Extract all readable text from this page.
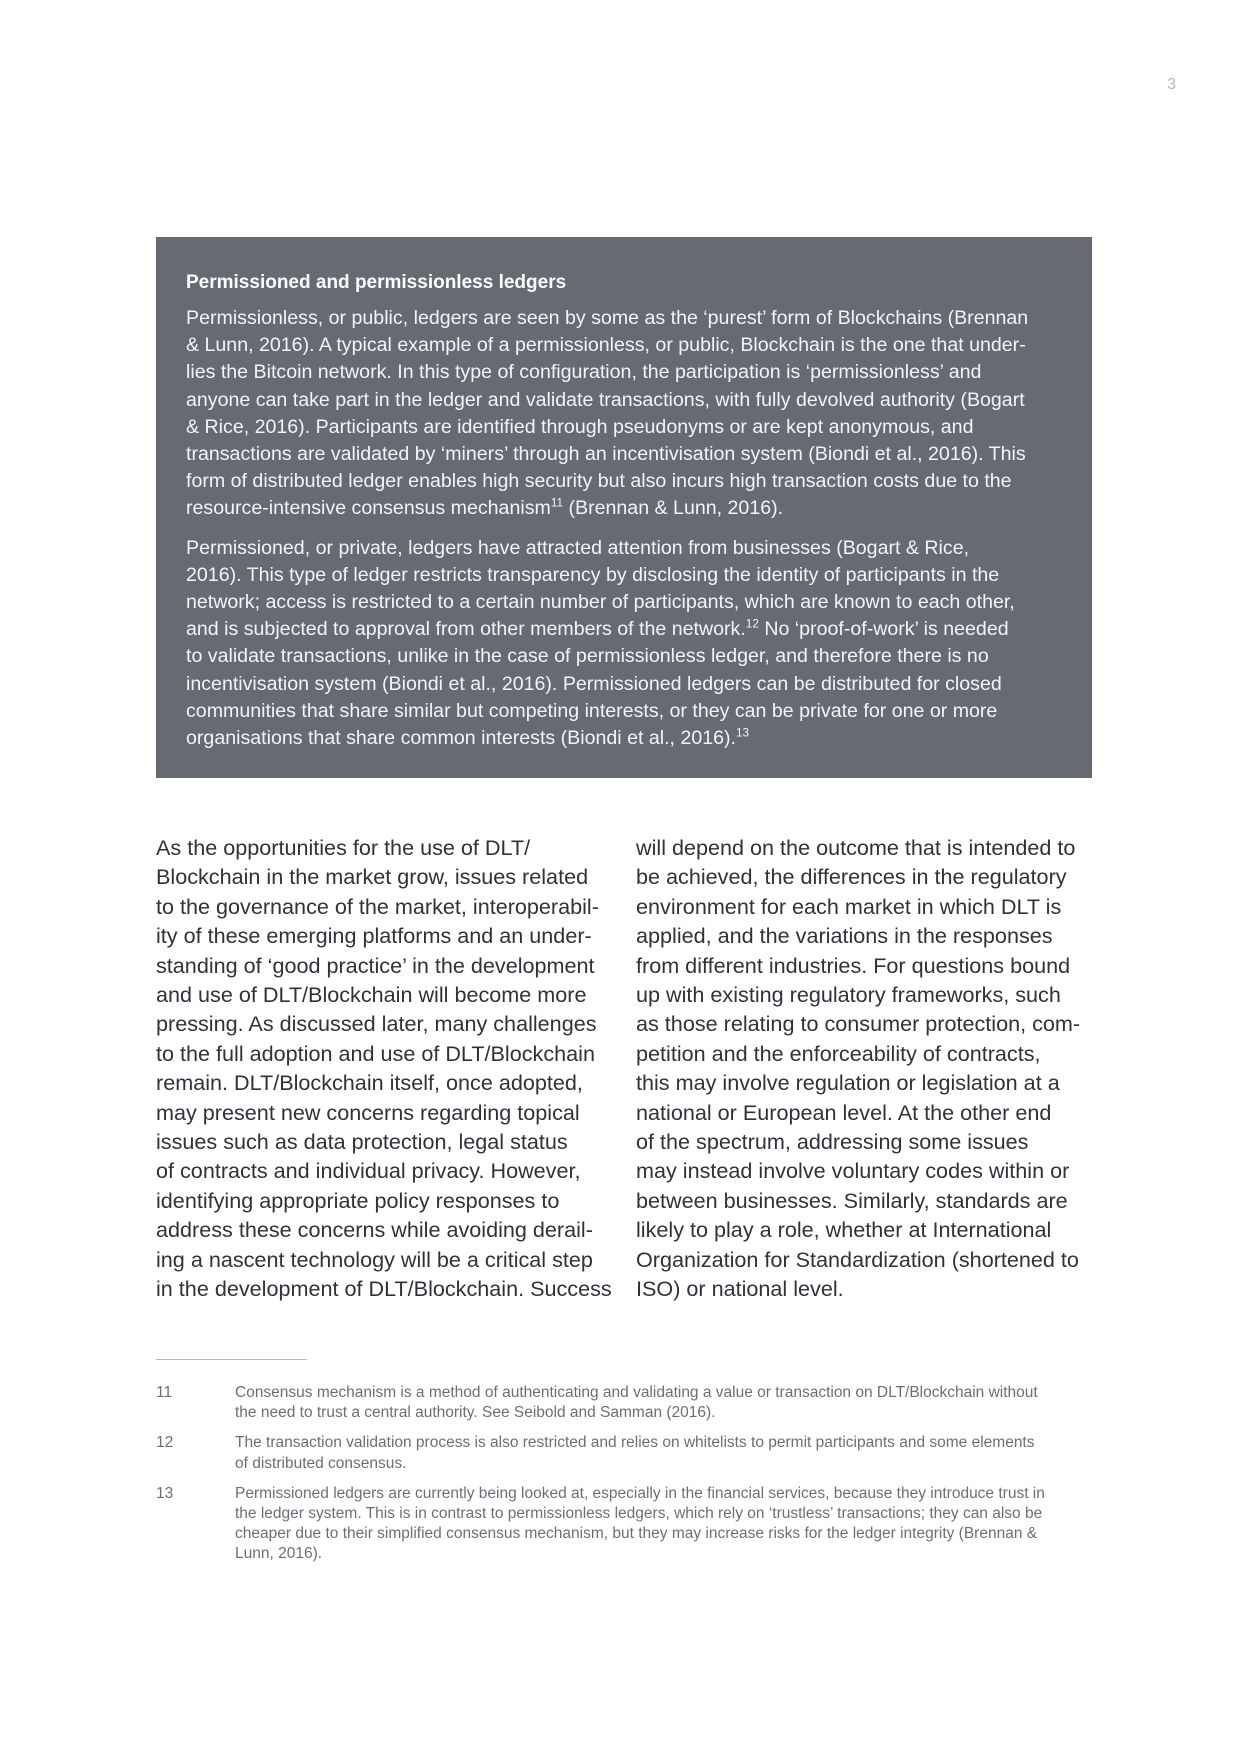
3
Permissioned and permissionless ledgers
Permissionless, or public, ledgers are seen by some as the ‘purest’ form of Blockchains (Brennan
& Lunn, 2016). A typical example of a permissionless, or public, Blockchain is the one that under-
lies the Bitcoin network. In this type of configuration, the participation is ‘permissionless’ and
anyone can take part in the ledger and validate transactions, with fully devolved authority (Bogart
& Rice, 2016). Participants are identified through pseudonyms or are kept anonymous, and
transactions are validated by ‘miners’ through an incentivisation system (Biondi et al., 2016). This
form of distributed ledger enables high security but also incurs high transaction costs due to the
resource-intensive consensus mechanism$^{11}$ (Brennan & Lunn, 2016).
Permissioned, or private, ledgers have attracted attention from businesses (Bogart & Rice,
2016). This type of ledger restricts transparency by disclosing the identity of participants in the
network; access is restricted to a certain number of participants, which are known to each other,
and is subjected to approval from other members of the network.$^{12}$ No ‘proof-of-work’ is needed
to validate transactions, unlike in the case of permissionless ledger, and therefore there is no
incentivisation system (Biondi et al., 2016). Permissioned ledgers can be distributed for closed
communities that share similar but competing interests, or they can be private for one or more
organisations that share common interests (Biondi et al., 2016).$^{13}$
As the opportunities for the use of DLT/
Blockchain in the market grow, issues related
to the governance of the market, interoperabil-
ity of these emerging platforms and an under-
standing of ‘good practice’ in the development
and use of DLT/Blockchain will become more
pressing. As discussed later, many challenges
to the full adoption and use of DLT/Blockchain
remain. DLT/Blockchain itself, once adopted,
may present new concerns regarding topical
issues such as data protection, legal status
of contracts and individual privacy. However,
identifying appropriate policy responses to
address these concerns while avoiding derail-
ing a nascent technology will be a critical step
in the development of DLT/Blockchain. Success
will depend on the outcome that is intended to
be achieved, the differences in the regulatory
environment for each market in which DLT is
applied, and the variations in the responses
from different industries. For questions bound
up with existing regulatory frameworks, such
as those relating to consumer protection, com-
petition and the enforceability of contracts,
this may involve regulation or legislation at a
national or European level. At the other end
of the spectrum, addressing some issues
may instead involve voluntary codes within or
between businesses. Similarly, standards are
likely to play a role, whether at International
Organization for Standardization (shortened to
ISO) or national level.
11	Consensus mechanism is a method of authenticating and validating a value or transaction on DLT/Blockchain without
the need to trust a central authority. See Seibold and Samman (2016).
12	The transaction validation process is also restricted and relies on whitelists to permit participants and some elements
of distributed consensus.
13	Permissioned ledgers are currently being looked at, especially in the financial services, because they introduce trust in
the ledger system. This is in contrast to permissionless ledgers, which rely on ‘trustless’ transactions; they can also be
cheaper due to their simplified consensus mechanism, but they may increase risks for the ledger integrity (Brennan &
Lunn, 2016).
